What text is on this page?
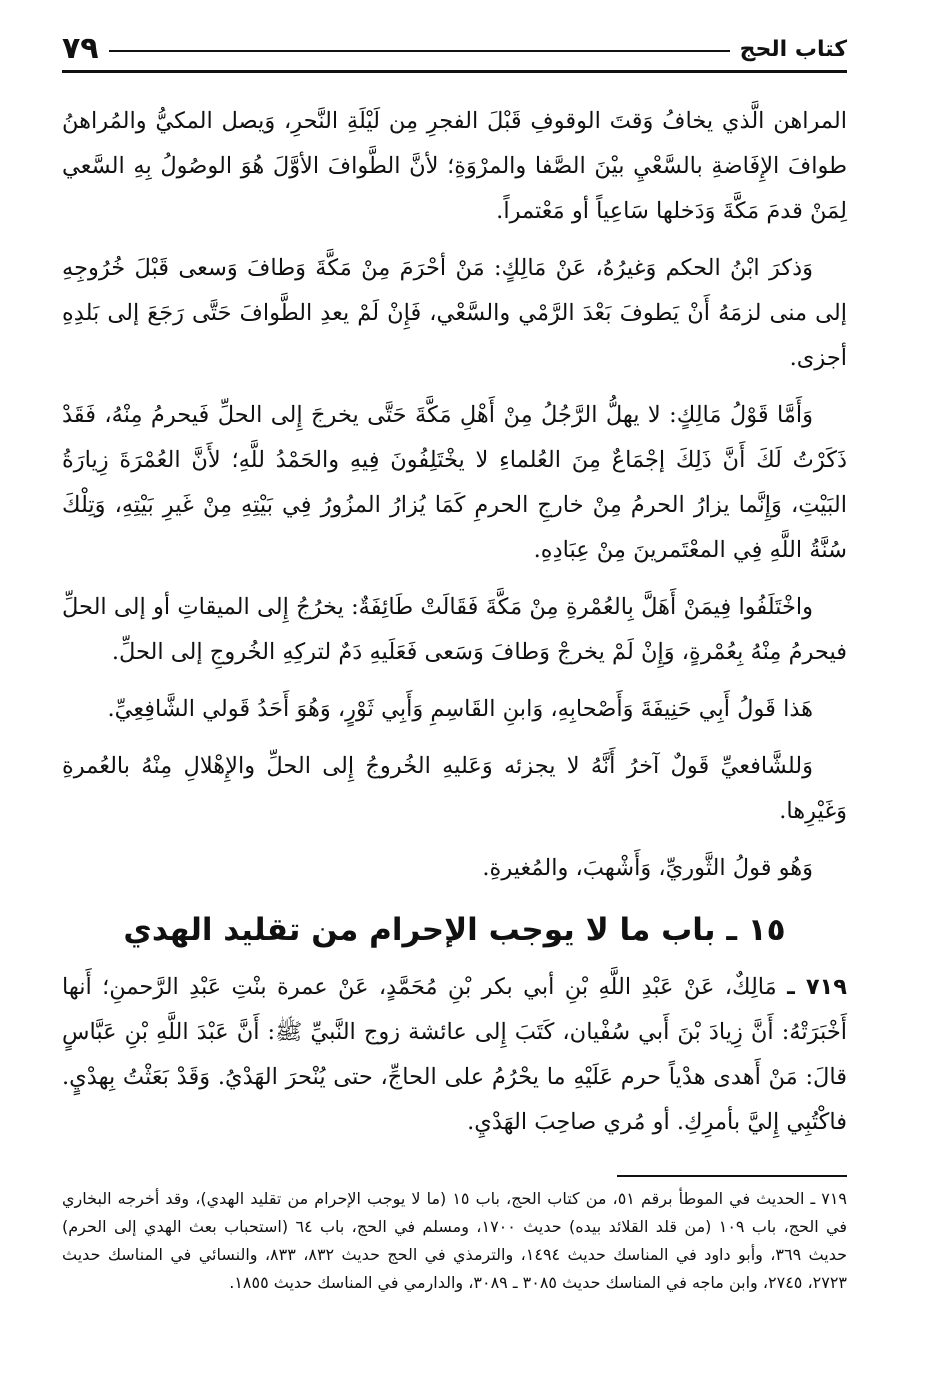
كتاب الحج
٧٩

المراهن الَّذي يخافُ وَقتَ الوقوفِ قَبْلَ الفجرِ مِن لَيْلَةِ النَّحرِ، وَيصل المكيُّ والمُراهنُ طوافَ الإِفَاضةِ بالسَّعْيِ بيْنَ الصَّفا والمرْوَةِ؛ لأنَّ الطَّوافَ الأوَّلَ هُوَ الوصُولُ بِهِ السَّعي لِمَنْ قدمَ مَكَّةَ وَدَخلها سَاعِياً أو مَعْتمراً.

وَذكرَ ابْنُ الحكم وَغيرُهُ، عَنْ مَالِكٍ: مَنْ أحْرَمَ مِنْ مَكَّةَ وَطافَ وَسعى قَبْلَ خُرُوجِهِ إلى منى لزمَهُ أَنْ يَطوفَ بَعْدَ الرَّمْي والسَّعْي، فَإِنْ لَمْ يعدِ الطَّوافَ حَتَّى رَجَعَ إلى بَلدِهِ أجزى.

وَأَمَّا قَوْلُ مَالِكٍ: لا يهلُّ الرَّجُلُ مِنْ أَهْلِ مَكَّةَ حَتَّى يخرجَ إِلى الحلِّ فَيحرمُ مِنْهُ، فَقَدْ ذَكَرْتُ لَكَ أَنَّ ذَلِكَ إجْمَاعٌ مِنَ العُلماءِ لا يخْتَلِفُونَ فِيهِ والحَمْدُ للَّهِ؛ لأَنَّ العُمْرَةَ زِيارَةُ البَيْتِ، وَإِنَّما يزارُ الحرمُ مِنْ خارجِ الحرمِ كَمَا يُزارُ المزُورُ فِي بَيْتِهِ مِنْ غَيرِ بَيْتِهِ، وَتِلْكَ سُنَّةُ اللَّهِ فِي المعْتَمرينَ مِنْ عِبَادِهِ.

واخْتَلَفُوا فِيمَنْ أَهَلَّ بِالعُمْرةِ مِنْ مَكَّةَ فَقَالَتْ طَائِفَةٌ: يخرُجُ إِلى الميقاتِ أو إلى الحلِّ فيحرمُ مِنْهُ بِعُمْرةٍ، وَإِنْ لَمْ يخرجْ وَطافَ وَسَعى فَعَلَيهِ دَمٌ لتركِهِ الخُروجِ إلى الحلِّ.

هَذا قَولُ أَبِي حَنِيفَةَ وَأَصْحابِهِ، وَابنِ القَاسِمِ وَأَبِي ثَوْرٍ، وَهُوَ أَحَدُ قَولي الشَّافِعِيِّ.

وَللشَّافعيِّ قَولٌ آخرُ أَنَّهُ لا يجزئه وَعَليهِ الخُروجُ إِلى الحلِّ والإِهْلالِ مِنْهُ بالعُمرةِ وَغَيْرِها.

وَهُو قولُ الثَّوريِّ، وَأَشْهبَ، والمُغيرةِ.

١٥ ـ باب ما لا يوجب الإحرام من تقليد الهدي

٧١٩ ـ مَالِكٌ، عَنْ عَبْدِ اللَّهِ بْنِ أبي بكر بْنِ مُحَمَّدٍ، عَنْ عمرة بنْتِ عَبْدِ الرَّحمنِ؛ أَنها أَخْبَرَتْهُ: أَنَّ زِيادَ بْنَ أَبي سُفْيان، كَتَبَ إِلى عائشة زوج النَّبيِّ ﷺ: أَنَّ عَبْدَ اللَّهِ بْنِ عَبَّاسٍ قالَ: مَنْ أَهدى هدْياً حرم عَلَيْهِ ما يحْرُمُ على الحاجِّ، حتى يُنْحرَ الهَدْيُ. وَقَدْ بَعَثْتُ بِهدْيٍ. فاكْتُبِي إِليَّ بأمرِكِ. أو مُري صاحِبَ الهَدْيِ.

٧١٩ ـ الحديث في الموطأ برقم ٥١، من كتاب الحج، باب ١٥ (ما لا يوجب الإحرام من تقليد الهدي)، وقد أخرجه البخاري في الحج، باب ١٠٩ (من قلد القلائد بيده) حديث ١٧٠٠، ومسلم في الحج، باب ٦٤ (استحباب بعث الهدي إلى الحرم) حديث ٣٦٩، وأبو داود في المناسك حديث ١٤٩٤، والترمذي في الحج حديث ٨٣٢، ٨٣٣، والنسائي في المناسك حديث ٢٧٢٣، ٢٧٤٥، وابن ماجه في المناسك حديث ٣٠٨٥ ـ ٣٠٨٩، والدارمي في المناسك حديث ١٨٥٥.
